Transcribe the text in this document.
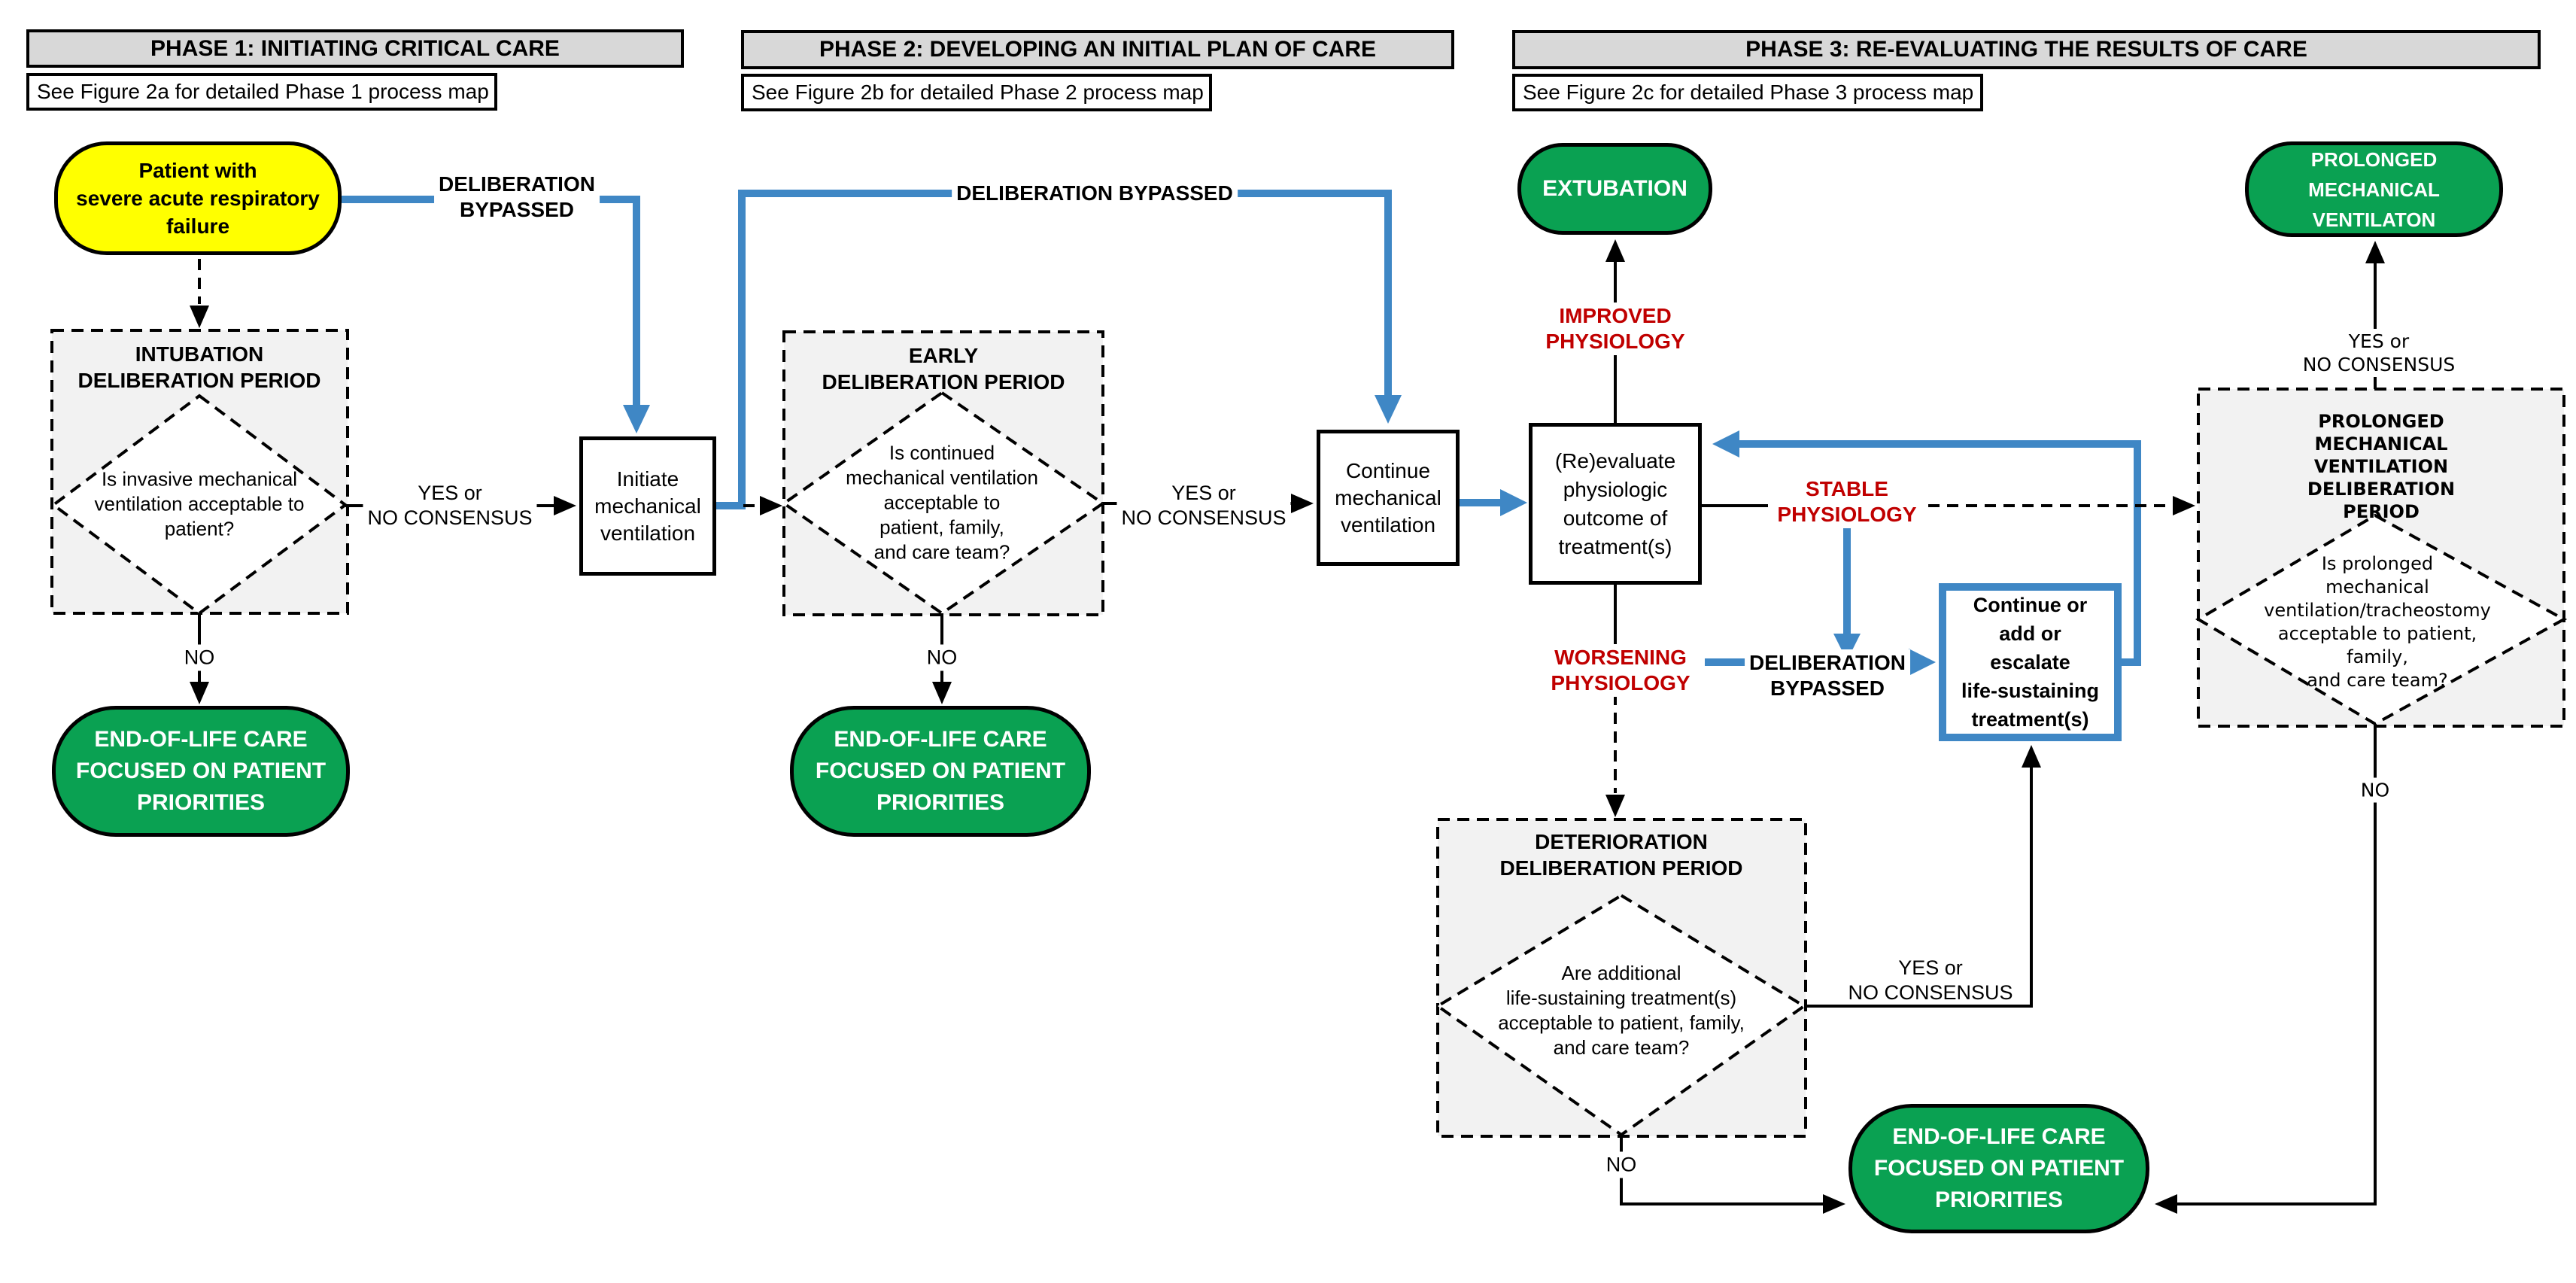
PHASE 1: INITIATING CRITICAL CARE
See Figure 2a for detailed Phase 1 process map
Patient with
severe acute respiratory
failure
DELIBERATION
BYPASSED
INTUBATION
DELIBERATION PERIOD
Is invasive mechanical
ventilation acceptable to
patient?
YES or
NO CONSENSUS
Initiate
mechanical
ventilation
NO
END-OF-LIFE CARE
FOCUSED ON PATIENT
PRIORITIES
PHASE 2: DEVELOPING AN INITIAL PLAN OF CARE
See Figure 2b for detailed Phase 2 process map
DELIBERATION BYPASSED
EARLY
DELIBERATION PERIOD
Is continued
mechanical ventilation
acceptable to
patient, family,
and care team?
YES or
NO CONSENSUS
Continue
mechanical
ventilation
NO
END-OF-LIFE CARE
FOCUSED ON PATIENT
PRIORITIES
PHASE 3: RE-EVALUATING THE RESULTS OF CARE
See Figure 2c for detailed Phase 3 process map
EXTUBATION
PROLONGED
MECHANICAL
VENTILATON
IMPROVED
PHYSIOLOGY
(Re)evaluate
physiologic
outcome of
treatment(s)
STABLE
PHYSIOLOGY
WORSENING
PHYSIOLOGY
DELIBERATION
BYPASSED
Continue or
add or
escalate
life-sustaining
treatment(s)
DETERIORATION
DELIBERATION PERIOD
Are additional
life-sustaining treatment(s)
acceptable to patient, family,
and care team?
YES or
NO CONSENSUS
NO
PROLONGED
MECHANICAL VENTILATION
DELIBERATION PERIOD
Is prolonged
mechanical
ventilation/tracheostomy
acceptable to patient, family,
and care team?
YES or
NO CONSENSUS
NO
END-OF-LIFE CARE
FOCUSED ON PATIENT
PRIORITIES
